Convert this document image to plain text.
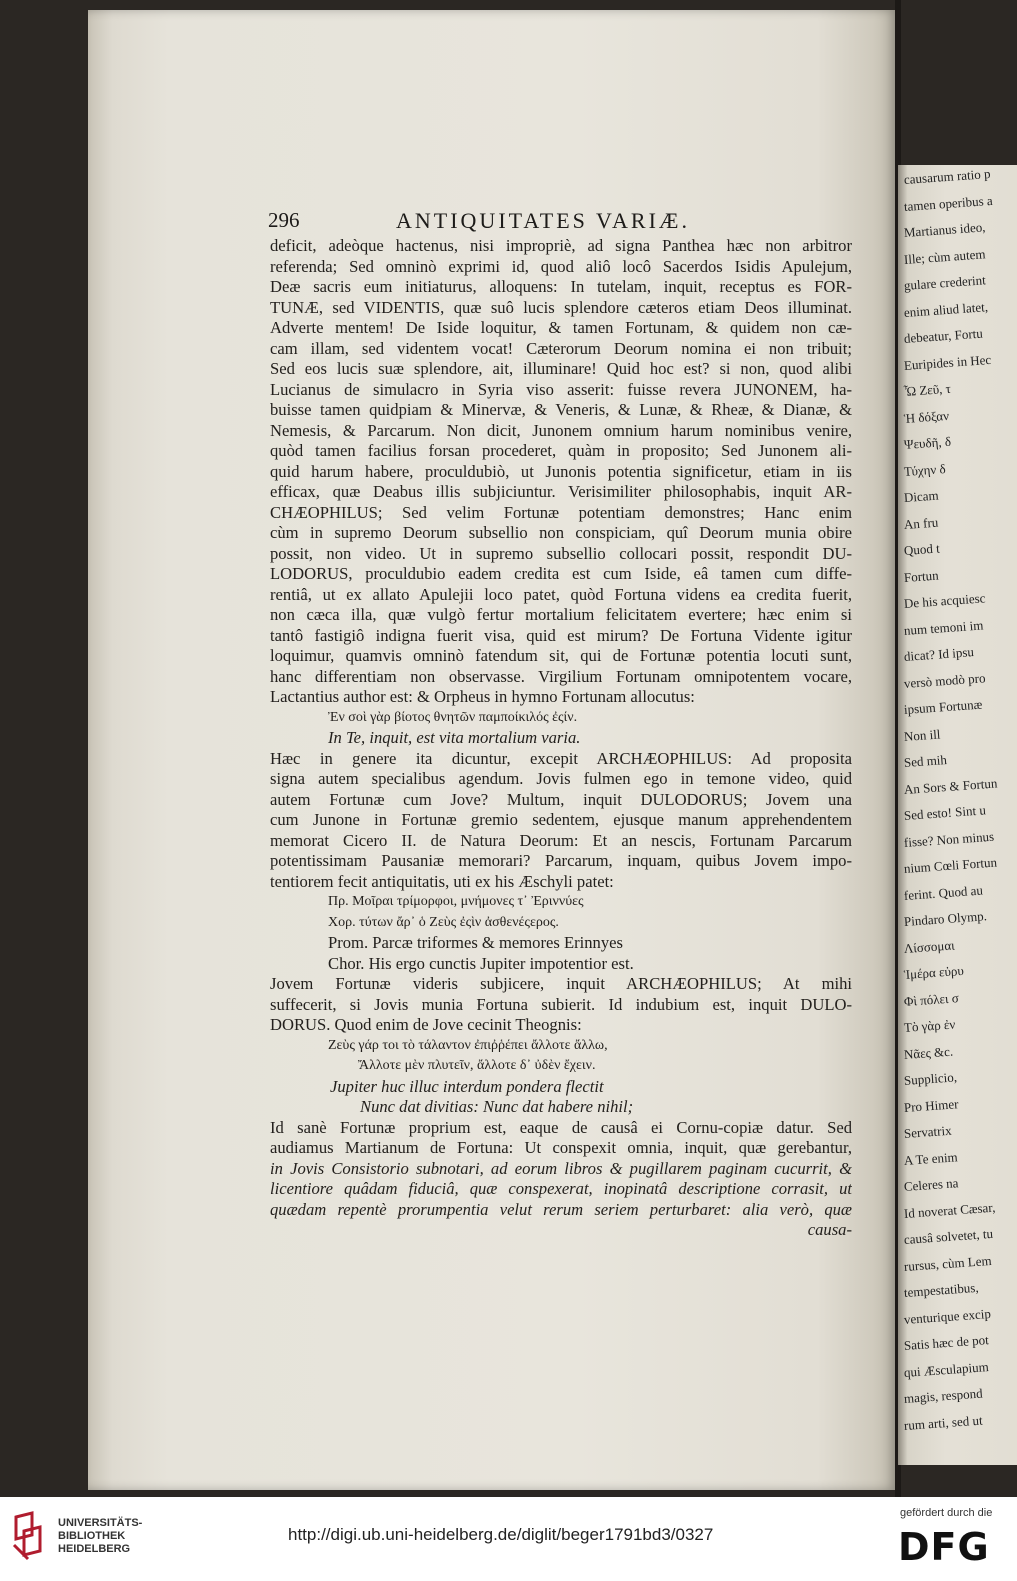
causarum ratio p
tamen operibus a
Martianus ideo,
Ille; cùm autem
gulare crederint
enim aliud latet,
debeatur, Fortu
Euripides in Hec
Ὦ Ζεῦ, τ
Ἡ δόξαν
Ψευδῆ, δ
Τύχην δ
Dicam
An fru
Quod t
Fortun
De his acquiesc
num temoni im
dicat? Id ipsu
versò modò pro
ipsum Fortunæ
Non ill
Sed mih
An Sors & Fortun
Sed esto! Sint u
fisse? Non minus
nium Cœli Fortun
ferint. Quod au
Pindaro Olymp.
Λίσσομαι
Ἱμέρα εὐρυ
Φὶ πόλει σ
Τὸ γὰρ ἐν
Νᾶες &c.
Supplicio,
Pro Himer
Servatrix
A Te enim
Celeres na
Id noverat Cæsar,
causâ solvetet, tu
rursus, cùm Lem
tempestatibus,
venturique excip
Satis hæc de pot
qui Æsculapium
magis, respond
rum arti, sed ut
296	ANTIQUITATES VARIÆ.
deficit, adeòque hactenus, nisi impropriè, ad signa Panthea hæc non arbitror
referenda; Sed omninò exprimi id, quod aliô locô Sacerdos Isidis Apulejum,
Deæ sacris eum initiaturus, alloquens: In tutelam, inquit, receptus es FOR-
TUNÆ, sed VIDENTIS, quæ suô lucis splendore cæteros etiam Deos illuminat.
Adverte mentem! De Iside loquitur, & tamen Fortunam, & quidem non cæ-
cam illam, sed videntem vocat! Cæterorum Deorum nomina ei non tribuit;
Sed eos lucis suæ splendore, ait, illuminare! Quid hoc est? si non, quod alibi
Lucianus de simulacro in Syria viso asserit: fuisse revera JUNONEM, ha-
buisse tamen quidpiam & Minervæ, & Veneris, & Lunæ, & Rheæ, & Dianæ, &
Nemesis, & Parcarum. Non dicit, Junonem omnium harum nominibus venire,
quòd tamen facilius forsan procederet, quàm in proposito; Sed Junonem ali-
quid harum habere, proculdubiò, ut Junonis potentia significetur, etiam in iis
efficax, quæ Deabus illis subjiciuntur. Verisimiliter philosophabis, inquit AR-
CHÆOPHILUS; Sed velim Fortunæ potentiam demonstres; Hanc enim
cùm in supremo Deorum subsellio non conspiciam, quî Deorum munia obire
possit, non video. Ut in supremo subsellio collocari possit, respondit DU-
LODORUS, proculdubio eadem credita est cum Iside, eâ tamen cum diffe-
rentiâ, ut ex allato Apulejii loco patet, quòd Fortuna videns ea credita fuerit,
non cæca illa, quæ vulgò fertur mortalium felicitatem evertere; hæc enim si
tantô fastigiô indigna fuerit visa, quid est mirum? De Fortuna Vidente igitur
loquimur, quamvis omninò fatendum sit, qui de Fortunæ potentia locuti sunt,
hanc differentiam non observasse. Virgilium Fortunam omnipotentem vocare,
Lactantius author est: & Orpheus in hymno Fortunam allocutus:
Ἐν σοὶ γὰρ βίοτος θνητῶν παμποίκιλός ἐςίν.
In Te, inquit, est vita mortalium varia.
Hæc in genere ita dicuntur, excepit ARCHÆOPHILUS: Ad proposita
signa autem specialibus agendum. Jovis fulmen ego in temone video, quid
autem Fortunæ cum Jove? Multum, inquit DULODORUS; Jovem una
cum Junone in Fortunæ gremio sedentem, ejusque manum apprehendentem
memorat Cicero II. de Natura Deorum: Et an nescis, Fortunam Parcarum
potentissimam Pausaniæ memorari? Parcarum, inquam, quibus Jovem impo-
tentiorem fecit antiquitatis, uti ex his Æschyli patet:
Πρ. Μοῖραι τρίμορφοι, μνήμονες τ᾽ Ἐριννύες
Χορ. τύτων ἄρ᾽ ὁ Ζεὺς ἐςὶν ἀσθενέςερος.
Prom. Parcæ triformes & memores Erinnyes
Chor. His ergo cunctis Jupiter impotentior est.
Jovem Fortunæ videris subjicere, inquit ARCHÆOPHILUS; At mihi
suffecerit, si Jovis munia Fortuna subierit. Id indubium est, inquit DULO-
DORUS. Quod enim de Jove cecinit Theognis:
Ζεὺς γάρ τοι τὸ τάλαντον ἐπιῤῥέπει ἄλλοτε ἄλλω,
Ἄλλοτε μὲν πλυτεῖν, ἄλλοτε δ᾽ ὐδὲν ἔχειν.
Jupiter huc illuc interdum pondera flectit
Nunc dat divitias: Nunc dat habere nihil;
Id sanè Fortunæ proprium est, eaque de causâ ei Cornu-copiæ datur. Sed
audiamus Martianum de Fortuna: Ut conspexit omnia, inquit, quæ gerebantur,
in Jovis Consistorio subnotari, ad eorum libros & pugillarem paginam cucurrit, &
licentiore quâdam fiduciâ, quæ conspexerat, inopinatâ descriptione corrasit, ut
quædam repentè prorumpentia velut rerum seriem perturbaret: alia verò, quæ
causa-
UNIVERSITÄTS-
BIBLIOTHEK
HEIDELBERG
http://digi.ub.uni-heidelberg.de/diglit/beger1791bd3/0327
gefördert durch die
DFG
